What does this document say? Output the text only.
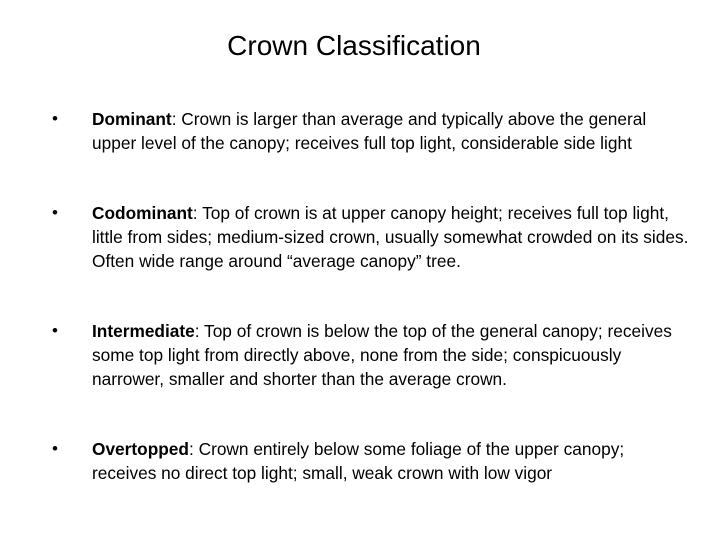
Crown Classification
• Dominant: Crown is larger than average and typically above the general upper level of the canopy; receives full top light, considerable side light
• Codominant: Top of crown is at upper canopy height; receives full top light, little from sides; medium-sized crown, usually somewhat crowded on its sides. Often wide range around “average canopy” tree.
• Intermediate: Top of crown is below the top of the general canopy; receives some top light from directly above, none from the side; conspicuously narrower, smaller and shorter than the average crown.
• Overtopped: Crown entirely below some foliage of the upper canopy; receives no direct top light; small, weak crown with low vigor
